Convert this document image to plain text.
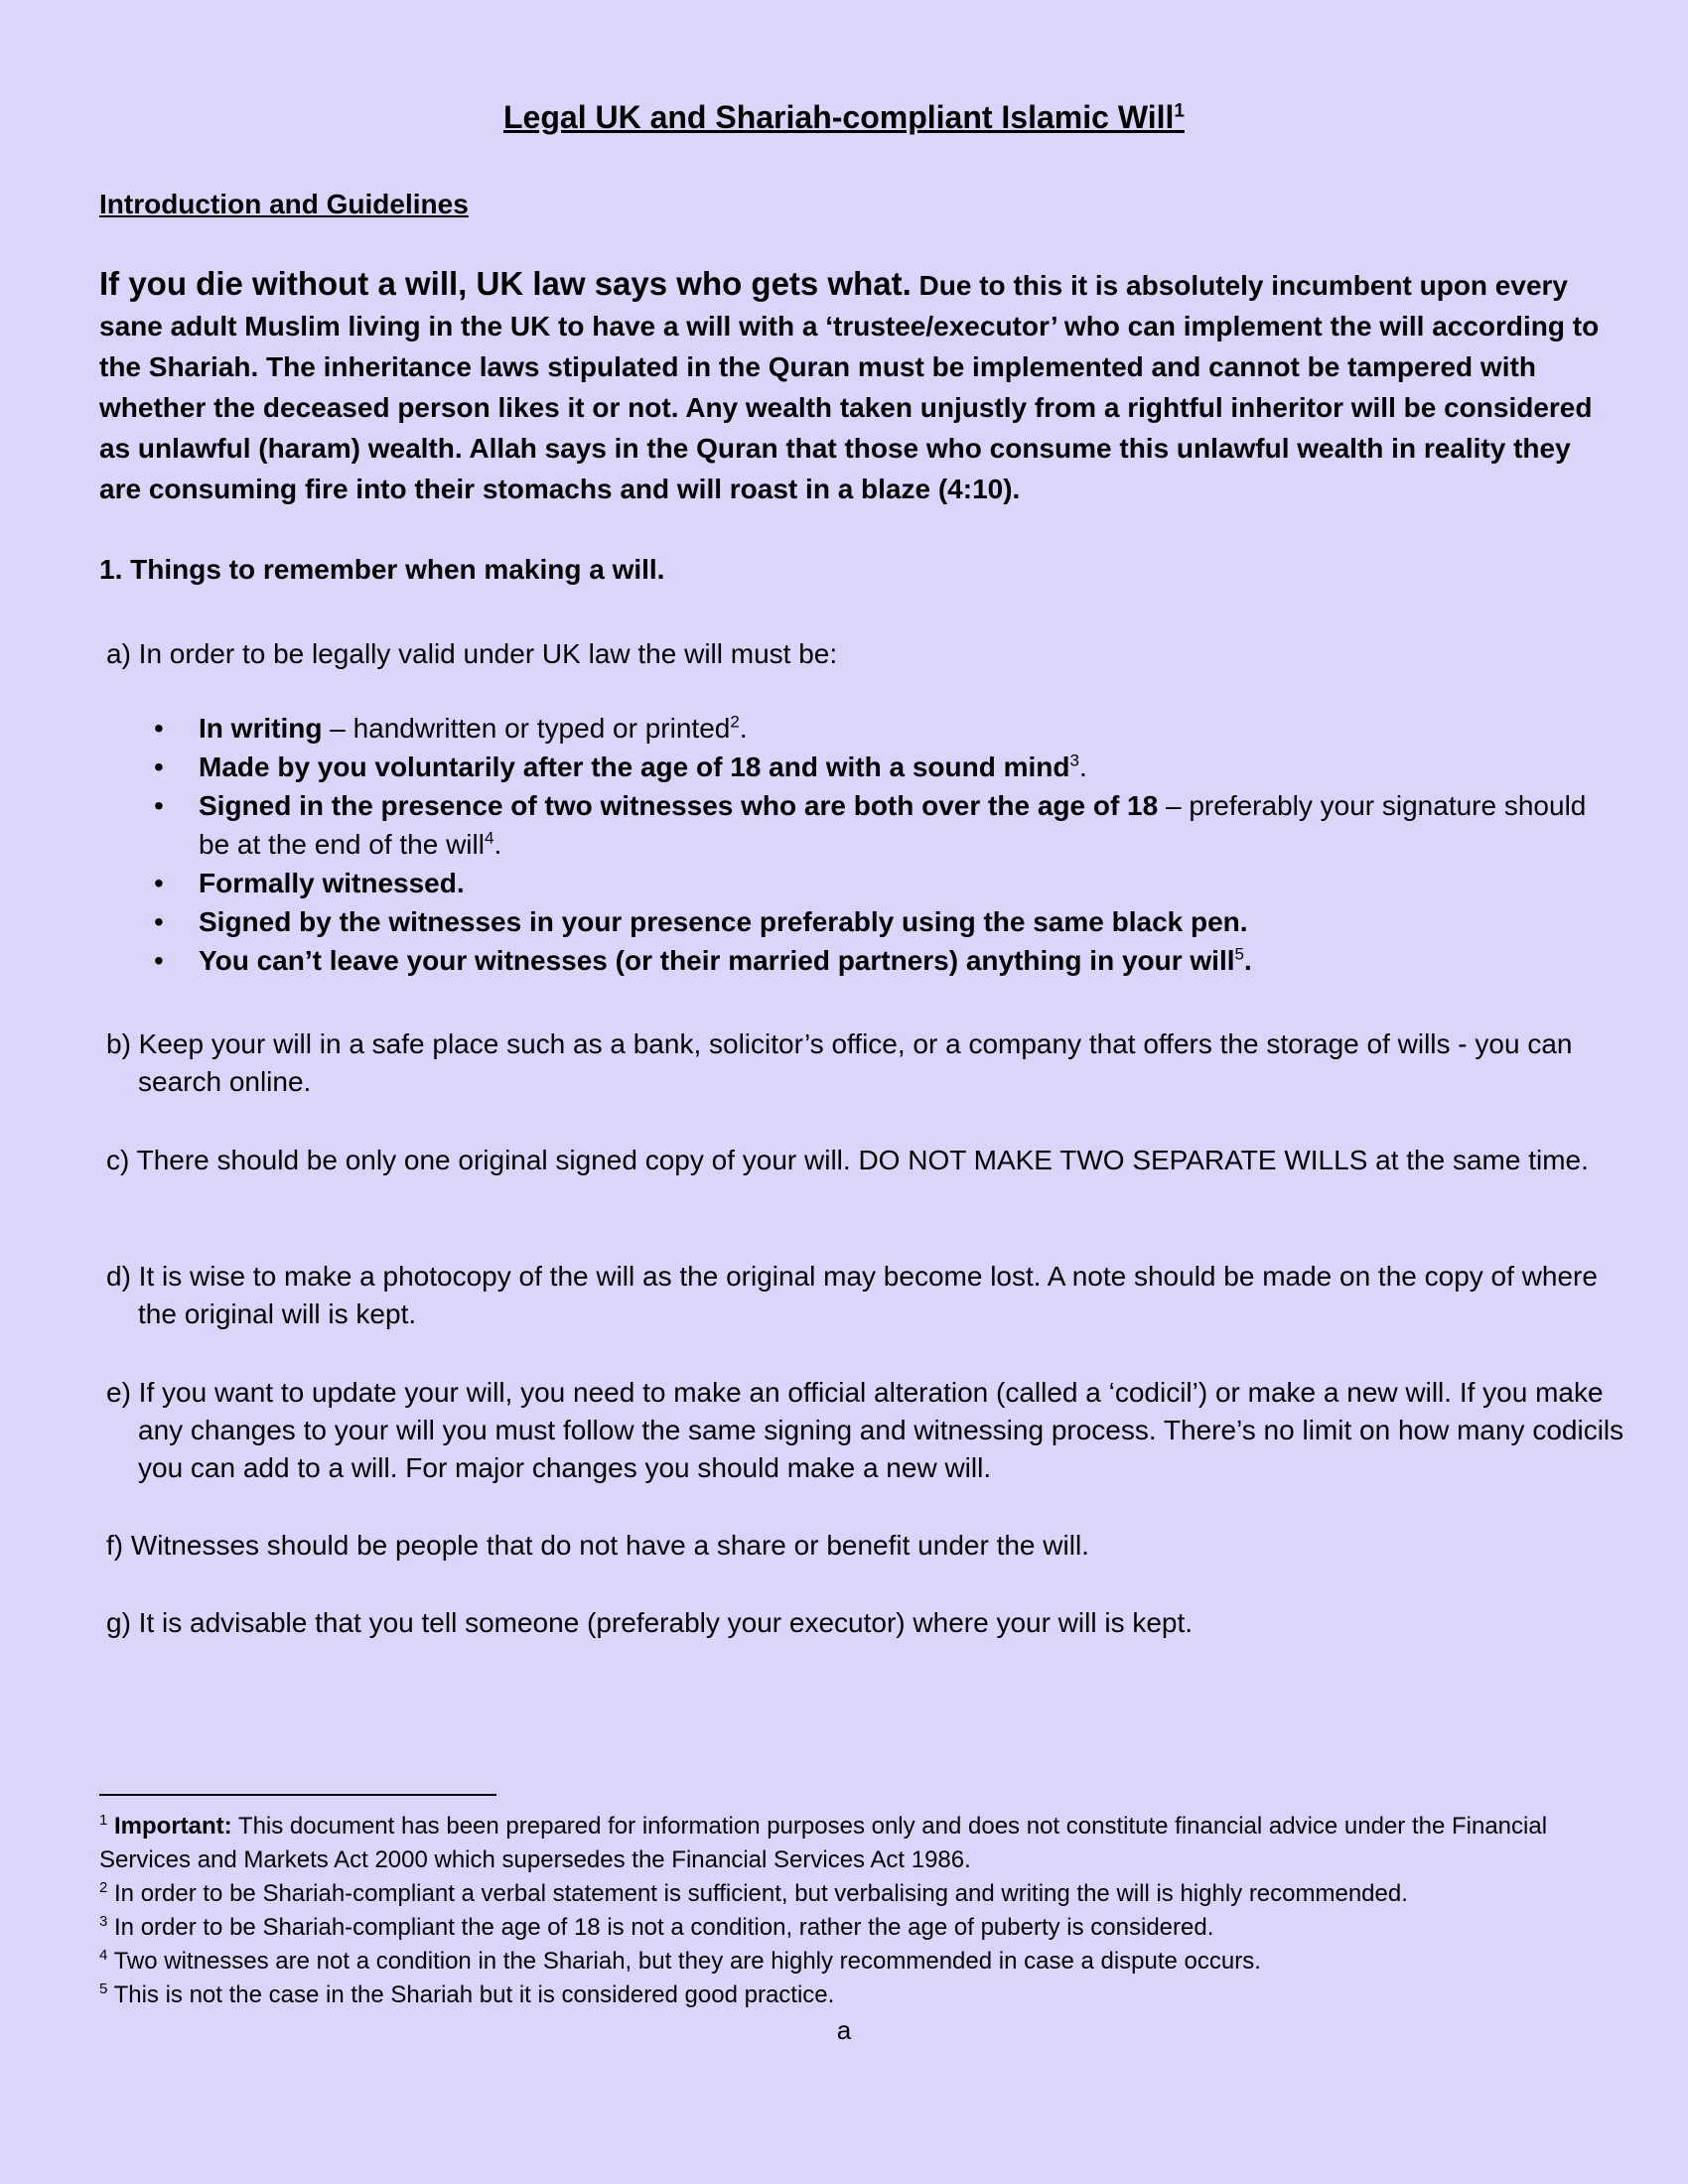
Legal UK and Shariah-compliant Islamic Will$^1$
Introduction and Guidelines
If you die without a will, UK law says who gets what. Due to this it is absolutely incumbent upon every sane adult Muslim living in the UK to have a will with a ‘trustee/executor’ who can implement the will according to the Shariah. The inheritance laws stipulated in the Quran must be implemented and cannot be tampered with whether the deceased person likes it or not. Any wealth taken unjustly from a rightful inheritor will be considered as unlawful (haram) wealth. Allah says in the Quran that those who consume this unlawful wealth in reality they are consuming fire into their stomachs and will roast in a blaze (4:10).
1. Things to remember when making a will.
a) In order to be legally valid under UK law the will must be:
• In writing – handwritten or typed or printed$^2$.
• Made by you voluntarily after the age of 18 and with a sound mind$^3$.
• Signed in the presence of two witnesses who are both over the age of 18 – preferably your signature should be at the end of the will$^4$.
• Formally witnessed.
• Signed by the witnesses in your presence preferably using the same black pen.
• You can’t leave your witnesses (or their married partners) anything in your will$^5$.
b) Keep your will in a safe place such as a bank, solicitor’s office, or a company that offers the storage of wills - you can search online.
c) There should be only one original signed copy of your will. DO NOT MAKE TWO SEPARATE WILLS at the same time.
d) It is wise to make a photocopy of the will as the original may become lost. A note should be made on the copy of where the original will is kept.
e) If you want to update your will, you need to make an official alteration (called a ‘codicil’) or make a new will. If you make any changes to your will you must follow the same signing and witnessing process. There’s no limit on how many codicils you can add to a will. For major changes you should make a new will.
f) Witnesses should be people that do not have a share or benefit under the will.
g) It is advisable that you tell someone (preferably your executor) where your will is kept.

$^1$ Important: This document has been prepared for information purposes only and does not constitute financial advice under the Financial Services and Markets Act 2000 which supersedes the Financial Services Act 1986.

$^2$ In order to be Shariah-compliant a verbal statement is sufficient, but verbalising and writing the will is highly recommended.

$^3$ In order to be Shariah-compliant the age of 18 is not a condition, rather the age of puberty is considered.

$^4$ Two witnesses are not a condition in the Shariah, but they are highly recommended in case a dispute occurs.

$^5$ This is not the case in the Shariah but it is considered good practice.

a
